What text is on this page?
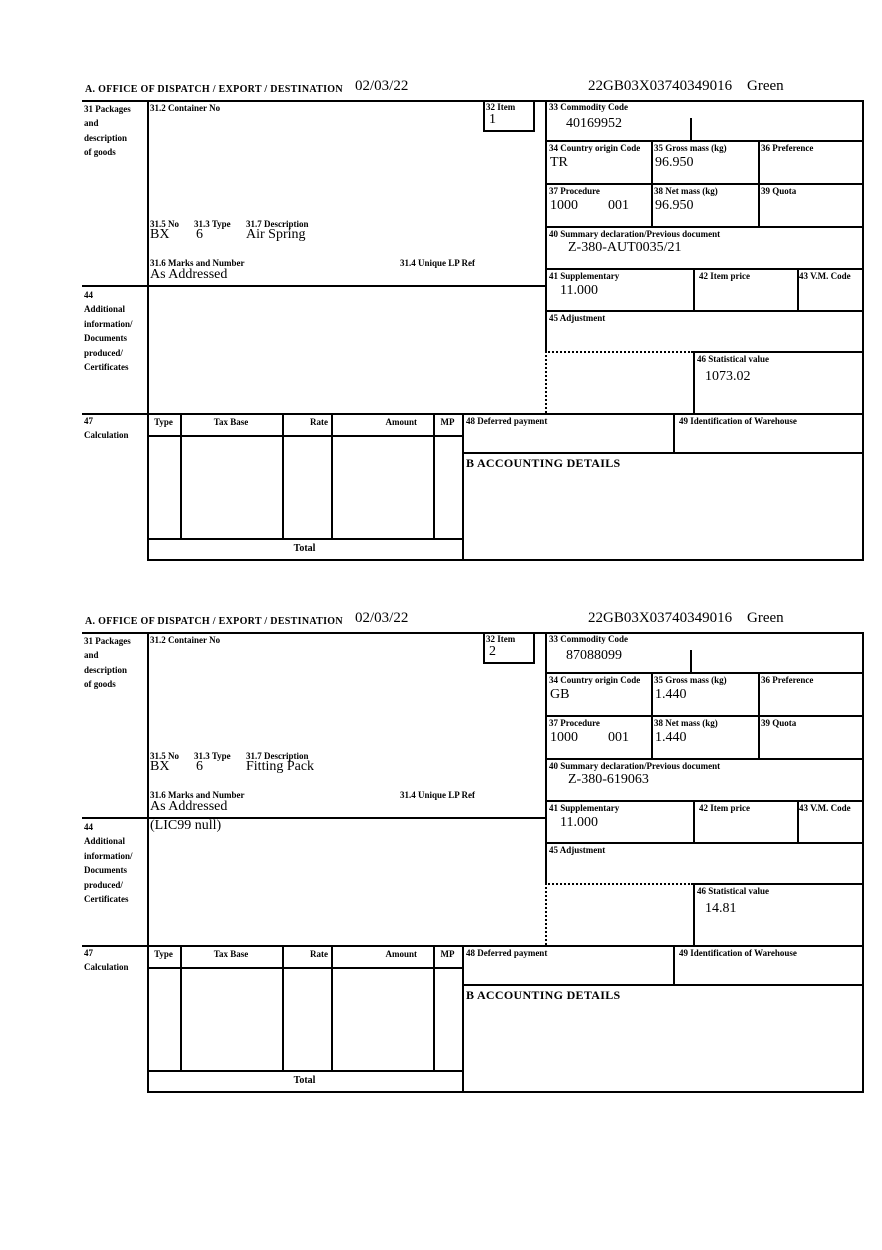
A. OFFICE OF DISPATCH / EXPORT / DESTINATION 02/03/22	22GB03X03740349016 Green
31 Packages
and
description
of goods
44
Additional
information/
Documents
produced/
Certificates
47
Calculation
31.2 Container No	32 Item
1
31.5 No 31.3 Type 31.7 Description
BX 6	Air Spring
31.6 Marks and Number	31.4 Unique LP Ref
As Addressed
33 Commodity Code
40169952
34 Country origin Code
TR
35 Gross mass (kg)
96.950
36 Preference
37 Procedure
1000 001
38 Net mass (kg)
96.950
39 Quota
40 Summary declaration/Previous document
Z-380-AUT0035/21
41 Supplementary
11.000
42 Item price	43 V.M. Code
45 Adjustment
46 Statistical value
1073.02
Type	Tax Base	Rate	Amount	MP	48 Deferred payment	49 Identification of Warehouse
B ACCOUNTING DETAILS
Total
A. OFFICE OF DISPATCH / EXPORT / DESTINATION 02/03/22	22GB03X03740349016 Green
31 Packages
and
description
of goods
44
Additional
information/
Documents
produced/
Certificates
47
Calculation
31.2 Container No	32 Item
2
31.5 No 31.3 Type 31.7 Description
BX 6	Fitting Pack
31.6 Marks and Number	31.4 Unique LP Ref
As Addressed
(LIC99 null)
33 Commodity Code
87088099
34 Country origin Code
GB
35 Gross mass (kg)
1.440
36 Preference
37 Procedure
1000 001
38 Net mass (kg)
1.440
39 Quota
40 Summary declaration/Previous document
Z-380-619063
41 Supplementary
11.000
42 Item price	43 V.M. Code
45 Adjustment
46 Statistical value
14.81
Type	Tax Base	Rate	Amount	MP	48 Deferred payment	49 Identification of Warehouse
B ACCOUNTING DETAILS
Total
